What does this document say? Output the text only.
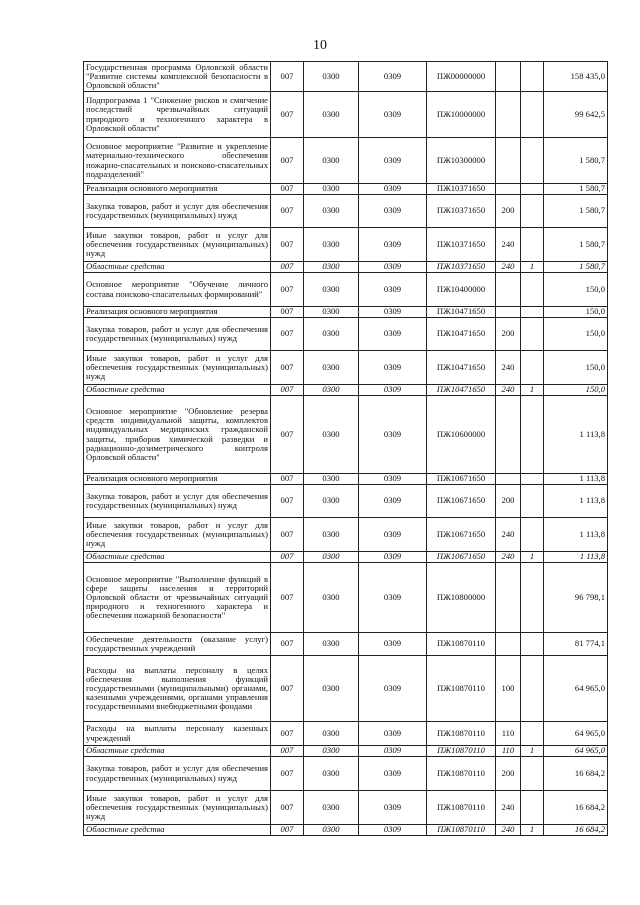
10
Государственная программа Орловской области "Развитие системы комплексной безопасности в Орловской области"	007	0300	0309	ПЖ00000000			158 435,0
Подпрограмма 1 "Снижение рисков и смягчение последствий чрезвычайных ситуаций природного и техногенного характера в Орловской области"	007	0300	0309	ПЖ10000000			99 642,5
Основное мероприятие "Развитие и укрепление материально-технического обеспечения пожарно-спасательных и поисково-спасательных подразделений"	007	0300	0309	ПЖ10300000			1 580,7
Реализация основного мероприятия	007	0300	0309	ПЖ10371650			1 580,7
Закупка товаров, работ и услуг для обеспечения государственных (муниципальных) нужд	007	0300	0309	ПЖ10371650	200		1 580,7
Иные закупки товаров, работ и услуг для обеспечения государственных (муниципальных) нужд	007	0300	0309	ПЖ10371650	240		1 580,7
Областные средства	007	0300	0309	ПЖ10371650	240	1	1 580,7
Основное мероприятие "Обучение личного состава поисково-спасательных формирований"	007	0300	0309	ПЖ10400000			150,0
Реализация основного мероприятия	007	0300	0309	ПЖ10471650			150,0
Закупка товаров, работ и услуг для обеспечения государственных (муниципальных) нужд	007	0300	0309	ПЖ10471650	200		150,0
Иные закупки товаров, работ и услуг для обеспечения государственных (муниципальных) нужд	007	0300	0309	ПЖ10471650	240		150,0
Областные средства	007	0300	0309	ПЖ10471650	240	1	150,0
Основное мероприятие "Обновление резерва средств индивидуальной защиты, комплектов индивидуальных медицинских гражданской защиты, приборов химической разведки и радиационно-дозиметрического контроля Орловской области"	007	0300	0309	ПЖ10600000			1 113,8
Реализация основного мероприятия	007	0300	0309	ПЖ10671650			1 113,8
Закупка товаров, работ и услуг для обеспечения государственных (муниципальных) нужд	007	0300	0309	ПЖ10671650	200		1 113,8
Иные закупки товаров, работ и услуг для обеспечения государственных (муниципальных) нужд	007	0300	0309	ПЖ10671650	240		1 113,8
Областные средства	007	0300	0309	ПЖ10671650	240	1	1 113,8
Основное мероприятие "Выполнение функций в сфере защиты населения и территорий Орловской области от чрезвычайных ситуаций природного и техногенного характера и обеспечения пожарной безопасности"	007	0300	0309	ПЖ10800000			96 798,1
Обеспечение деятельности (оказание услуг) государственных учреждений	007	0300	0309	ПЖ10870110			81 774,1
Расходы на выплаты персоналу в целях обеспечения выполнения функций государственными (муниципальными) органами, казенными учреждениями, органами управления государственными внебюджетными фондами	007	0300	0309	ПЖ10870110	100		64 965,0
Расходы на выплаты персоналу казенных учреждений	007	0300	0309	ПЖ10870110	110		64 965,0
Областные средства	007	0300	0309	ПЖ10870110	110	1	64 965,0
Закупка товаров, работ и услуг для обеспечения государственных (муниципальных) нужд	007	0300	0309	ПЖ10870110	200		16 684,2
Иные закупки товаров, работ и услуг для обеспечения государственных (муниципальных) нужд	007	0300	0309	ПЖ10870110	240		16 684,2
Областные средства	007	0300	0309	ПЖ10870110	240	1	16 684,2
